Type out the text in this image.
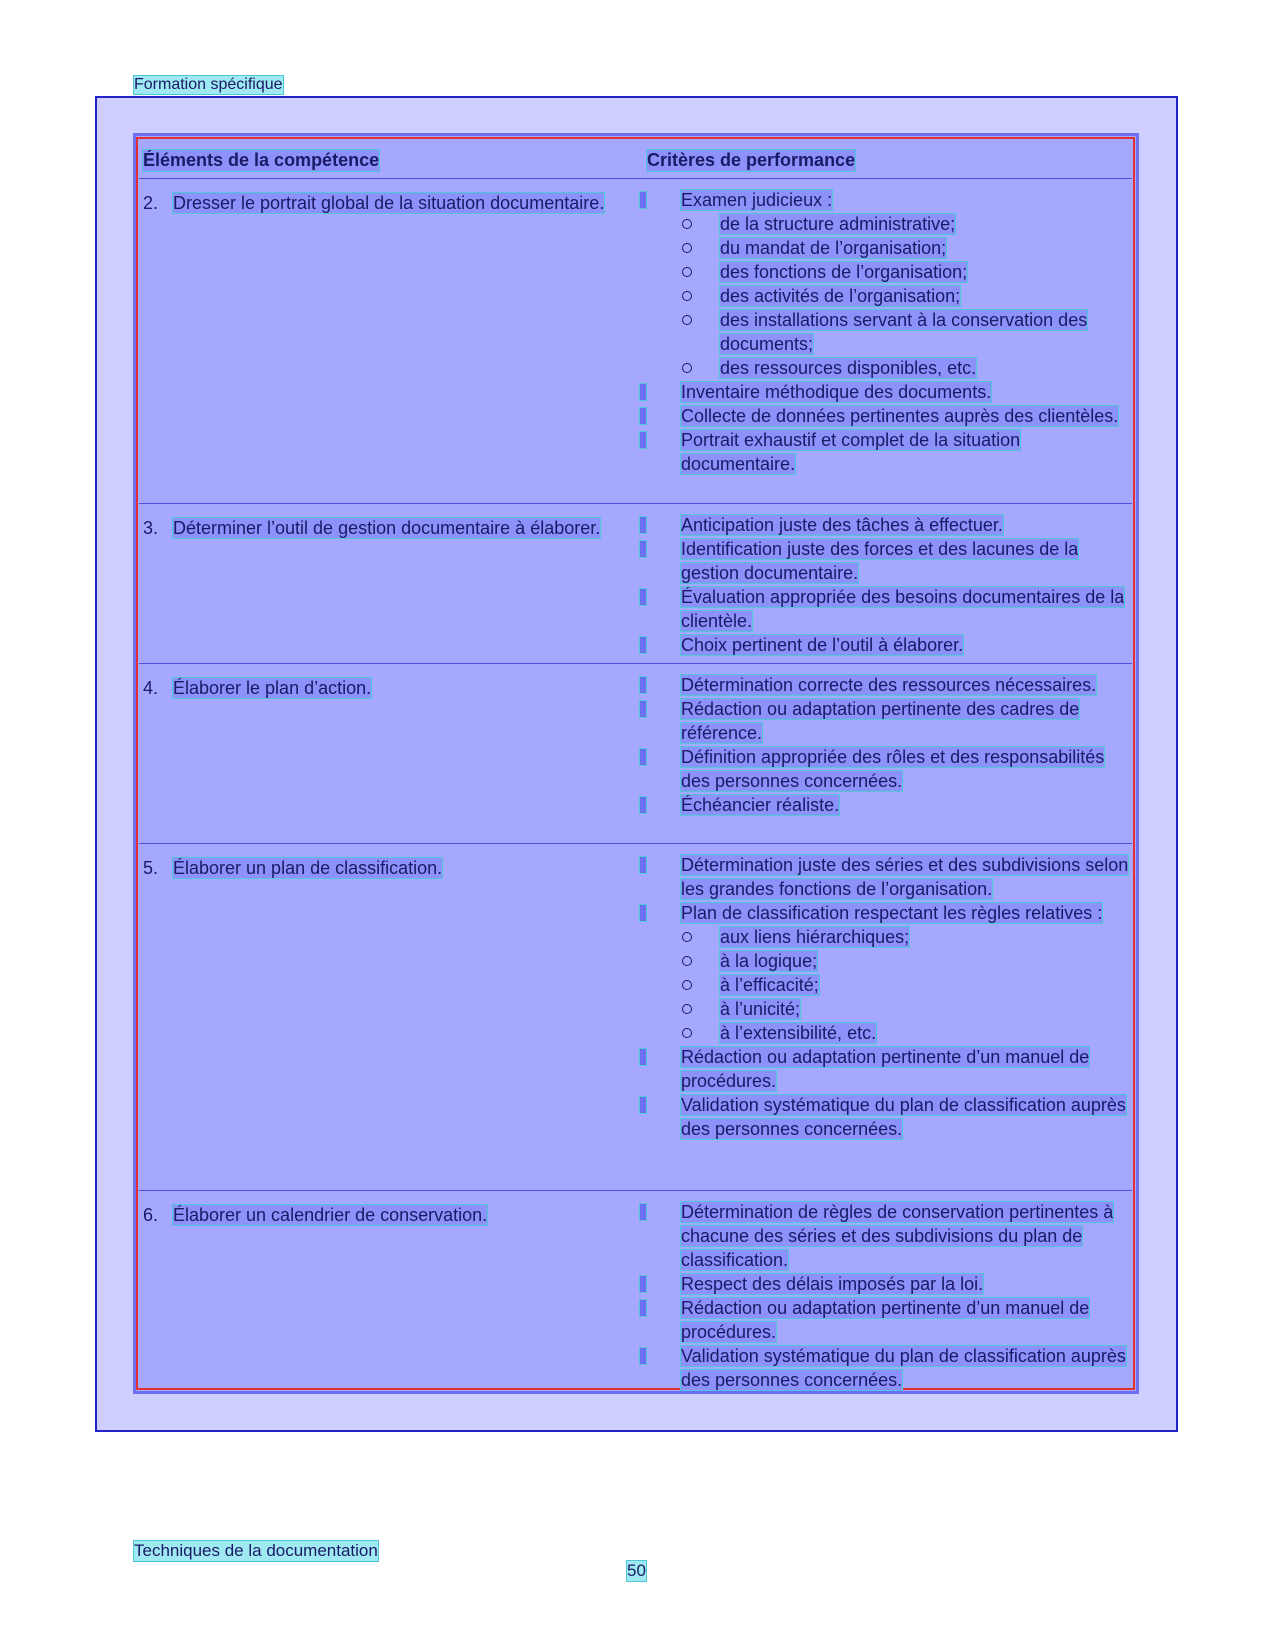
Formation spécifique
Éléments de la compétence	Critères de performance
2. Dresser le portrait global de la situation documentaire.	Examen judicieux :
de la structure administrative;
du mandat de l’organisation;
des fonctions de l’organisation;
des activités de l’organisation;
des installations servant à la conservation des documents;
des ressources disponibles, etc.
Inventaire méthodique des documents.
Collecte de données pertinentes auprès des clientèles.
Portrait exhaustif et complet de la situation documentaire.
3. Déterminer l’outil de gestion documentaire à élaborer.	Anticipation juste des tâches à effectuer.
Identification juste des forces et des lacunes de la gestion documentaire.
Évaluation appropriée des besoins documentaires de la clientèle.
Choix pertinent de l’outil à élaborer.
4. Élaborer le plan d’action.	Détermination correcte des ressources nécessaires.
Rédaction ou adaptation pertinente des cadres de référence.
Définition appropriée des rôles et des responsabilités des personnes concernées.
Échéancier réaliste.
5. Élaborer un plan de classification.	Détermination juste des séries et des subdivisions selon les grandes fonctions de l’organisation.
Plan de classification respectant les règles relatives :
aux liens hiérarchiques;
à la logique;
à l’efficacité;
à l’unicité;
à l’extensibilité, etc.
Rédaction ou adaptation pertinente d’un manuel de procédures.
Validation systématique du plan de classification auprès des personnes concernées.
6. Élaborer un calendrier de conservation.	Détermination de règles de conservation pertinentes à chacune des séries et des subdivisions du plan de classification.
Respect des délais imposés par la loi.
Rédaction ou adaptation pertinente d’un manuel de procédures.
Validation systématique du plan de classification auprès des personnes concernées.
Techniques de la documentation
50
